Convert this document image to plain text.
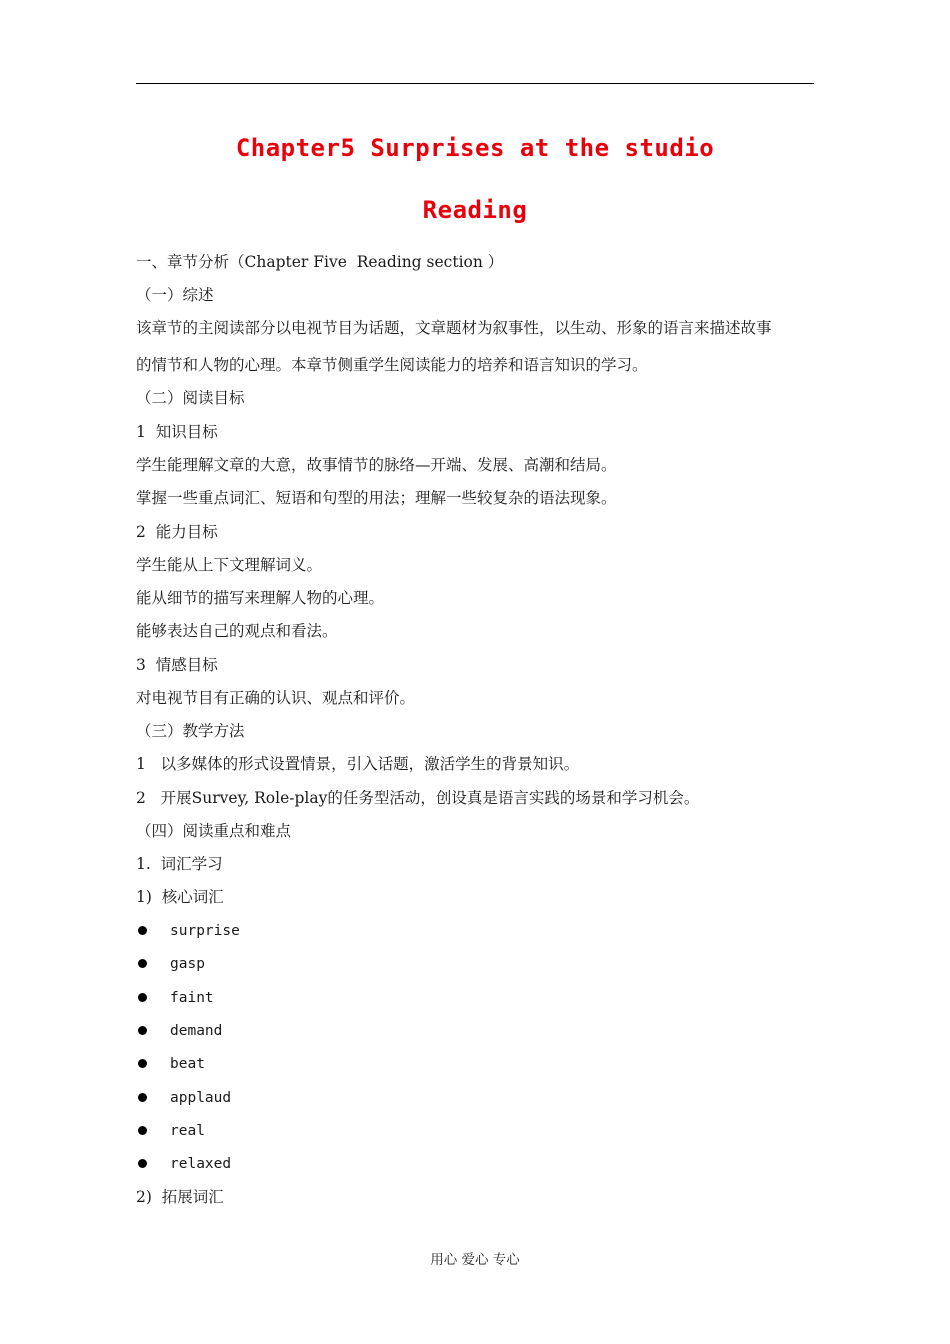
Chapter5 Surprises at the studio
Reading
一、章节分析（Chapter Five  Reading section ）
（一）综述
该章节的主阅读部分以电视节目为话题，文章题材为叙事性，以生动、形象的语言来描述故事
的情节和人物的心理。本章节侧重学生阅读能力的培养和语言知识的学习。
（二）阅读目标
1  知识目标
学生能理解文章的大意，故事情节的脉络—开端、发展、高潮和结局。
掌握一些重点词汇、短语和句型的用法；理解一些较复杂的语法现象。
2  能力目标
学生能从上下文理解词义。
能从细节的描写来理解人物的心理。
能够表达自己的观点和看法。
3  情感目标
对电视节目有正确的认识、观点和评价。
（三）教学方法
1   以多媒体的形式设置情景，引入话题，激活学生的背景知识。
2   开展Survey, Role-play的任务型活动，创设真是语言实践的场景和学习机会。
（四）阅读重点和难点
1.  词汇学习
1)  核心词汇
surprise
gasp
faint
demand
beat
applaud
real
relaxed
2)  拓展词汇
用心 爱心 专心
